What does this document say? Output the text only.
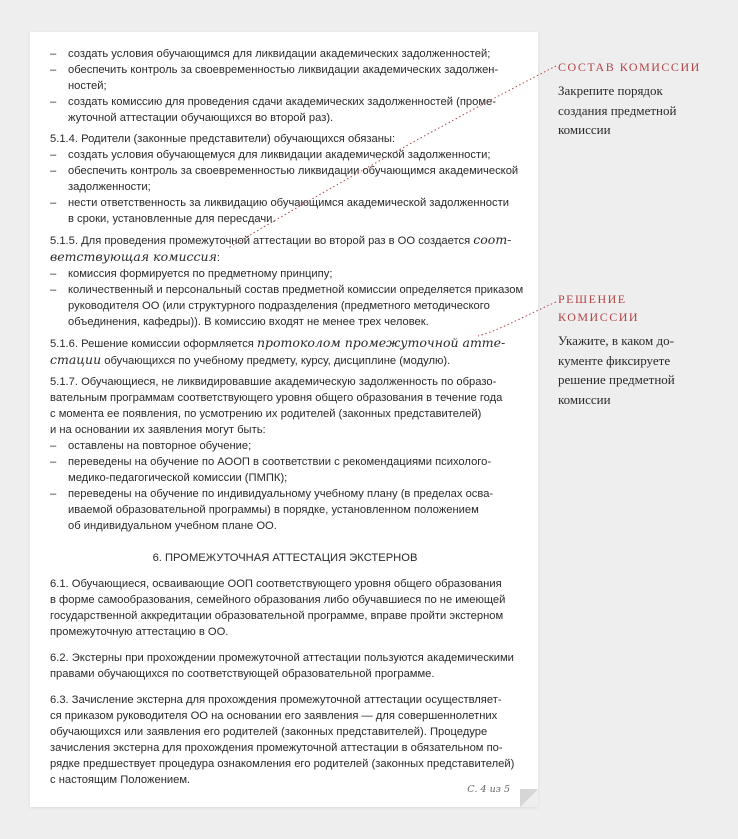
– создать условия обучающимся для ликвидации академических задолженностей;
– обеспечить контроль за своевременностью ликвидации академических задолжен-
ностей;
– создать комиссию для проведения сдачи академических задолженностей (проме-
жуточной аттестации обучающихся во второй раз).
5.1.4. Родители (законные представители) обучающихся обязаны:
– создать условия обучающемуся для ликвидации академической задолженности;
– обеспечить контроль за своевременностью ликвидации обучающимся академической
задолженности;
– нести ответственность за ликвидацию обучающимся академической задолженности
в сроки, установленные для пересдачи.
5.1.5. Для проведения промежуточной аттестации во второй раз в ОО создается соот-
ветствующая комиссия:
– комиссия формируется по предметному принципу;
– количественный и персональный состав предметной комиссии определяется приказом
руководителя ОО (или структурного подразделения (предметного методического
объединения, кафедры)). В комиссию входят не менее трех человек.
5.1.6. Решение комиссии оформляется протоколом промежуточной атте-
стации обучающихся по учебному предмету, курсу, дисциплине (модулю).
5.1.7. Обучающиеся, не ликвидировавшие академическую задолженность по образо-
вательным программам соответствующего уровня общего образования в течение года
с момента ее появления, по усмотрению их родителей (законных представителей)
и на основании их заявления могут быть:
– оставлены на повторное обучение;
– переведены на обучение по АООП в соответствии с рекомендациями психолого-
медико-педагогической комиссии (ПМПК);
– переведены на обучение по индивидуальному учебному плану (в пределах осва-
иваемой образовательной программы) в порядке, установленном положением
об индивидуальном учебном плане ОО.
6. ПРОМЕЖУТОЧНАЯ АТТЕСТАЦИЯ ЭКСТЕРНОВ
6.1. Обучающиеся, осваивающие ООП соответствующего уровня общего образования
в форме самообразования, семейного образования либо обучавшиеся по не имеющей
государственной аккредитации образовательной программе, вправе пройти экстерном
промежуточную аттестацию в ОО.
6.2. Экстерны при прохождении промежуточной аттестации пользуются академическими
правами обучающихся по соответствующей образовательной программе.
6.3. Зачисление экстерна для прохождения промежуточной аттестации осуществляет-
ся приказом руководителя ОО на основании его заявления — для совершеннолетних
обучающихся или заявления его родителей (законных представителей). Процедуре
зачисления экстерна для прохождения промежуточной аттестации в обязательном по-
рядке предшествует процедура ознакомления его родителей (законных представителей)
с настоящим Положением.
С. 4 из 5
СОСТАВ КОМИССИИ
Закрепите порядок
создания предметной
комиссии
РЕШЕНИЕ
КОМИССИИ
Укажите, в каком до-
кументе фиксируете
решение предметной
комиссии
